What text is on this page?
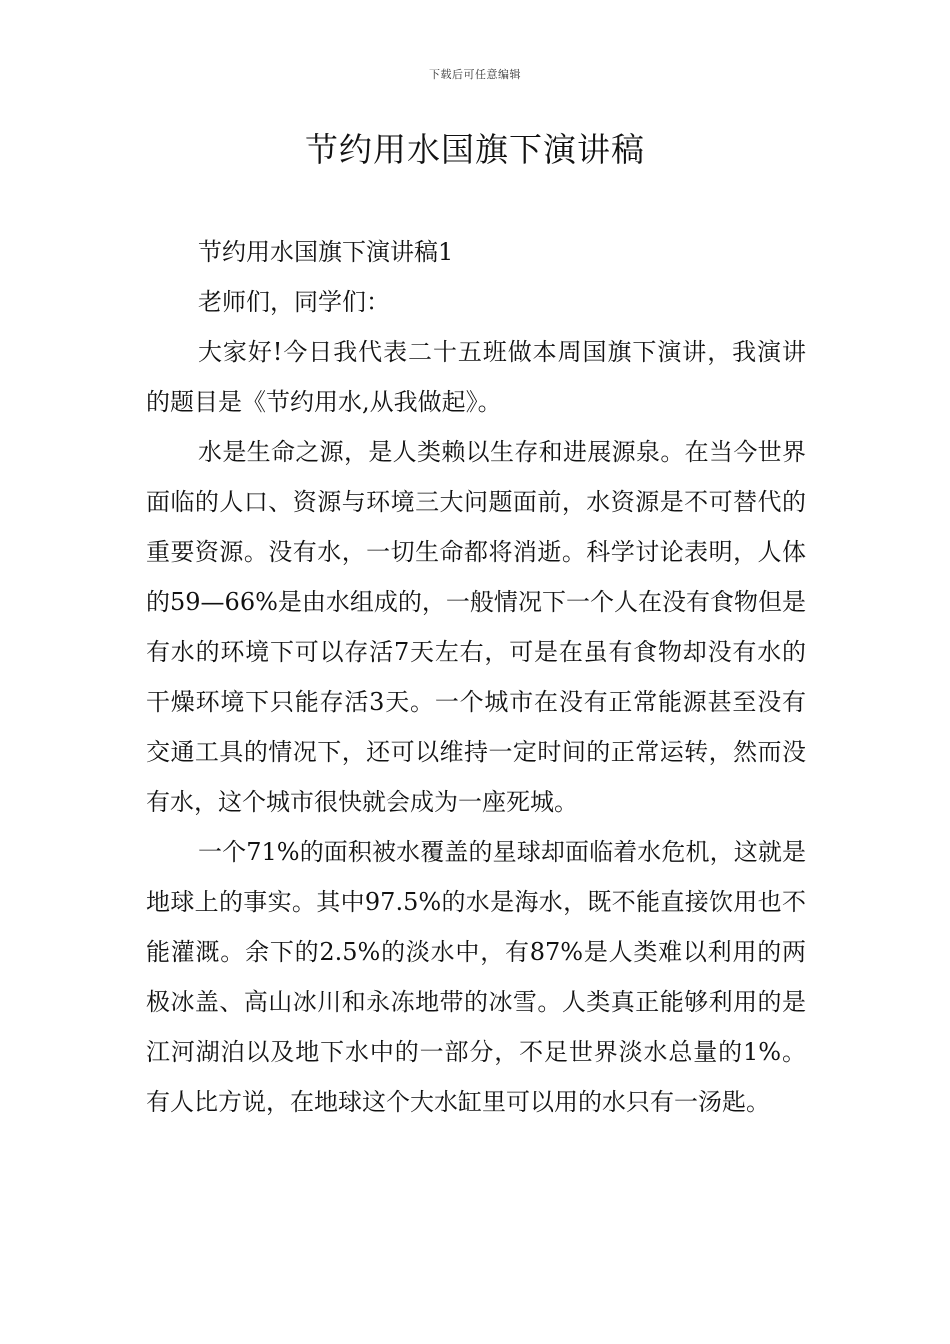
下载后可任意编辑
节约用水国旗下演讲稿

节约用水国旗下演讲稿1

老师们，同学们：

大家好!今日我代表二十五班做本周国旗下演讲，我演讲的题目是《节约用水,从我做起》。

水是生命之源，是人类赖以生存和进展源泉。在当今世界面临的人口、资源与环境三大问题面前，水资源是不可替代的重要资源。没有水，一切生命都将消逝。科学讨论表明，人体的59—66%是由水组成的，一般情况下一个人在没有食物但是有水的环境下可以存活7天左右，可是在虽有食物却没有水的干燥环境下只能存活3天。一个城市在没有正常能源甚至没有交通工具的情况下，还可以维持一定时间的正常运转，然而没有水，这个城市很快就会成为一座死城。

一个71%的面积被水覆盖的星球却面临着水危机，这就是地球上的事实。其中97.5%的水是海水，既不能直接饮用也不能灌溉。余下的2.5%的淡水中，有87%是人类难以利用的两极冰盖、高山冰川和永冻地带的冰雪。人类真正能够利用的是江河湖泊以及地下水中的一部分，不足世界淡水总量的1%。有人比方说，在地球这个大水缸里可以用的水只有一汤匙。
